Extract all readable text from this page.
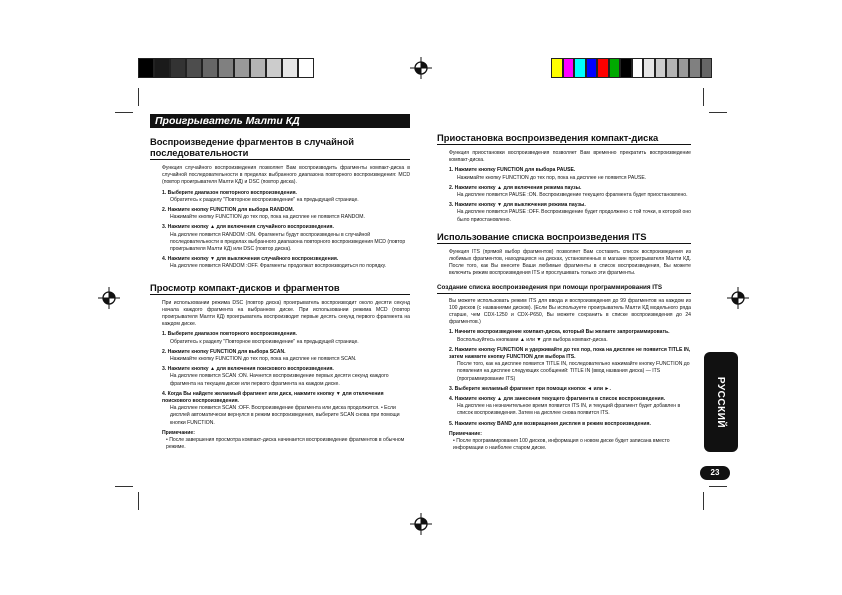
Проигрыватель Малти КД
Воспроизведение фрагментов в случайной последовательности
Функция случайного воспроизведения позволяет Вам воспроизводить фрагменты компакт-диска в случайной последовательности в пределах выбранного диапазона повторного воспроизведения: MCD (повтор проигрывателя Малти КД) и DSC (повтор диска).
1. Выберите диапазон повторного воспроизведения.
Обратитесь к разделу "Повторное воспроизведение" на предыдущей странице.
2. Нажмите кнопку FUNCTION для выбора RANDOM.
Нажимайте кнопку FUNCTION до тех пор, пока на дисплее не появится RANDOM.
3. Нажмите кнопку ▲ для включения случайного воспроизведения.
На дисплее появится RANDOM :ON. Фрагменты будут воспроизведены в случайной последовательности в пределах выбранного диапазона повторного воспроизведения MCD (повтор проигрывателя Малти КД) или DSC (повтор диска).
4. Нажмите кнопку ▼ для выключения случайного воспроизведения.
На дисплее появится RANDOM :OFF. Фрагменты продолжат воспроизводиться по порядку.
Просмотр компакт-дисков и фрагментов
При использовании режима DSC (повтор диска) проигрыватель воспроизводит около десяти секунд начала каждого фрагмента на выбранном диске. При использовании режима MCD (повтор проигрывателя Малти КД) проигрыватель воспроизводит первые десять секунд первого фрагмента на каждом диске.
1. Выберите диапазон повторного воспроизведения.
Обратитесь к разделу "Повторное воспроизведение" на предыдущей странице.
2. Нажмите кнопку FUNCTION для выбора SCAN.
Нажимайте кнопку FUNCTION до тех пор, пока на дисплее не появится SCAN.
3. Нажмите кнопку ▲ для включения поискового воспроизведения.
На дисплее появится SCAN :ON. Начнется воспроизведение первых десяти секунд каждого фрагмента на текущем диске или первого фрагмента на каждом диске.
4. Когда Вы найдете желаемый фрагмент или диск, нажмите кнопку ▼ для отключения поискового воспроизведения.
На дисплее появится SCAN :OFF. Воспроизведение фрагмента или диска продолжится. • Если дисплей автоматически вернулся в режим воспроизведения, выберите SCAN снова при помощи кнопки FUNCTION.
Примечание:
• После завершения просмотра компакт-диска начинается воспроизведение фрагментов в обычном режиме.
Приостановка воспроизведения компакт-диска
Функция приостановки воспроизведения позволяет Вам временно прекратить воспроизведение компакт-диска.
1. Нажмите кнопку FUNCTION для выбора PAUSE.
Нажимайте кнопку FUNCTION до тех пор, пока на дисплее не появится PAUSE.
2. Нажмите кнопку ▲ для включения режима паузы.
На дисплее появится PAUSE :ON. Воспроизведение текущего фрагмента будет приостановлено.
3. Нажмите кнопку ▼ для выключения режима паузы.
На дисплее появится PAUSE :OFF. Воспроизведение будет продолжено с той точки, в которой оно было приостановлено.
Использование списка воспроизведения ITS
Функция ITS (прямой выбор фрагментов) позволяет Вам составить список воспроизведения из любимых фрагментов, находящихся на дисках, установленных в магазин проигрывателя Малти КД. После того, как Вы внесете Ваши любимые фрагменты в список воспроизведения, Вы можете включить режим воспроизведения ITS и прослушивать только эти фрагменты.
Создание списка воспроизведения при помощи программирования ITS
Вы можете использовать режим ITS для ввода и воспроизведения до 99 фрагментов на каждом из 100 дисков (с названиями дисков). (Если Вы используете проигрыватель Малти КД модельного ряда старше, чем CDX-1250 и CDX-P650, Вы можете сохранить в списке воспроизведения до 24 фрагментов.)
1. Начните воспроизведение компакт-диска, который Вы желаете запрограммировать.
Воспользуйтесь кнопками ▲ или ▼ для выбора компакт-диска.
2. Нажмите кнопку FUNCTION и удерживайте до тех пор, пока на дисплее не появится TITLE IN, затем нажмите кнопку FUNCTION для выбора ITS.
После того, как на дисплее появится TITLE IN, последовательно нажимайте кнопку FUNCTION до появления на дисплее следующих сообщений: TITLE IN (ввод названия диска) — ITS (программирование ITS)
3. Выберите желаемый фрагмент при помощи кнопок ◄ или ►.
4. Нажмите кнопку ▲ для занесения текущего фрагмента в список воспроизведения.
На дисплее на незначительное время появится ITS IN, и текущий фрагмент будет добавлен в список воспроизведения. Затем на дисплее снова появится ITS.
5. Нажмите кнопку BAND для возвращения дисплея в режим воспроизведения.
Примечание:
• После программирования 100 дисков, информация о новом диске будет записана вместо информации о наиболее старом диске.
РУССКИЙ
23
